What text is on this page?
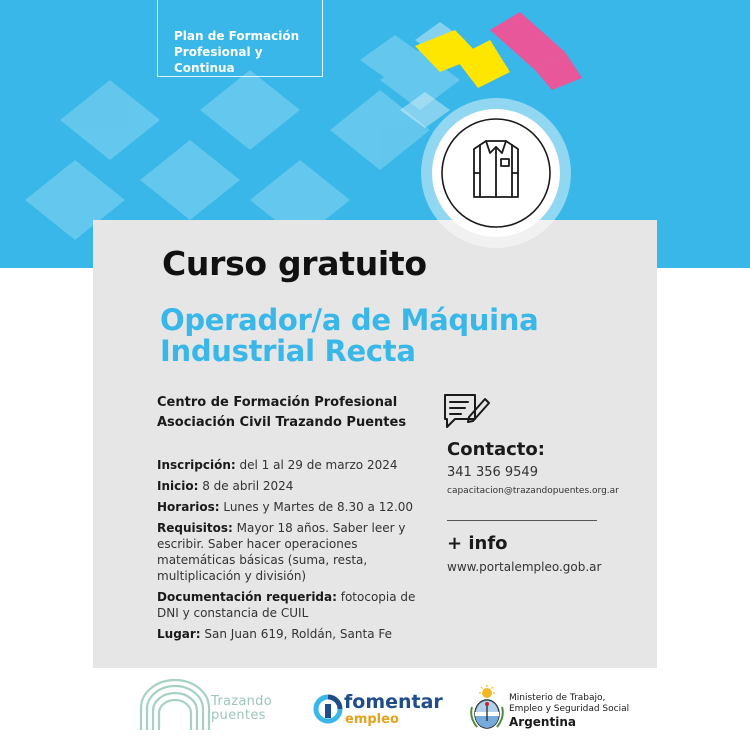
Plan de Formación
Profesional y Continua
Curso gratuito
Operador/a de Máquina
Industrial Recta
Centro de Formación Profesional
Asociación Civil Trazando Puentes

Inscripción: del 1 al 29 de marzo 2024

Inicio: 8 de abril 2024

Horarios: Lunes y Martes de 8.30 a 12.00

Requisitos: Mayor 18 años. Saber leer y escribir. Saber hacer operaciones matemáticas básicas (suma, resta, multiplicación y división)

Documentación requerida: fotocopia de DNI y constancia de CUIL

Lugar: San Juan 619, Roldán, Santa Fe

Contacto:
341 356 9549
capacitacion@trazandopuentes.org.ar
+ info
www.portalempleo.gob.ar
Trazando
puentes
fomentar
empleo
Ministerio de Trabajo,
Empleo y Seguridad Social
Argentina
